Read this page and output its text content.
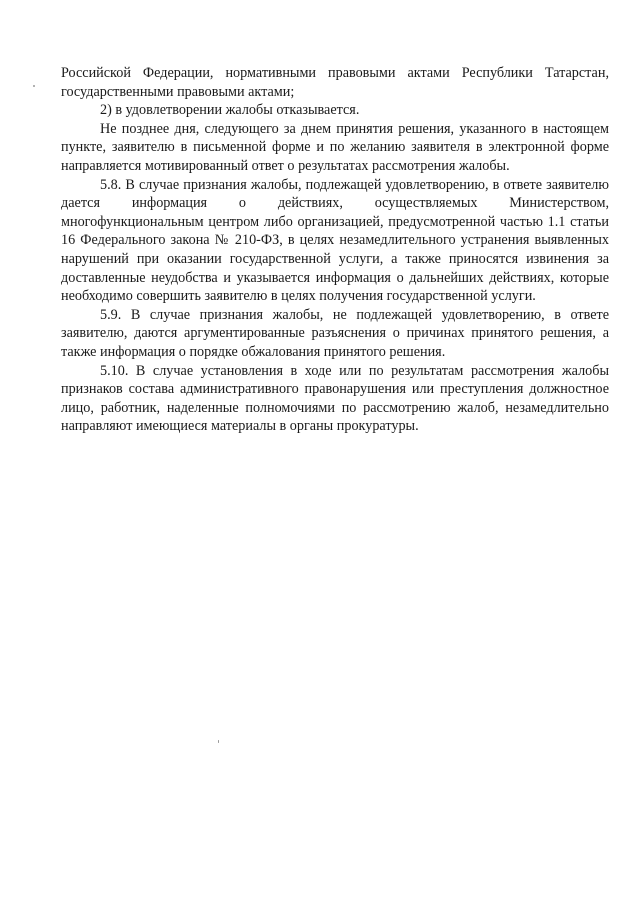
Российской Федерации, нормативными правовыми актами Республики Татарстан, государственными правовыми актами;

2) в удовлетворении жалобы отказывается.

Не позднее дня, следующего за днем принятия решения, указанного в настоящем пункте, заявителю в письменной форме и по желанию заявителя в электронной форме направляется мотивированный ответ о результатах рассмотрения жалобы.

5.8. В случае признания жалобы, подлежащей удовлетворению, в ответе заявителю дается информация о действиях, осуществляемых Министерством, многофункциональным центром либо организацией, предусмотренной частью 1.1 статьи 16 Федерального закона № 210-ФЗ, в целях незамедлительного устранения выявленных нарушений при оказании государственной услуги, а также приносятся извинения за доставленные неудобства и указывается информация о дальнейших действиях, которые необходимо совершить заявителю в целях получения государственной услуги.

5.9. В случае признания жалобы, не подлежащей удовлетворению, в ответе заявителю, даются аргументированные разъяснения о причинах принятого решения, а также информация о порядке обжалования принятого решения.

5.10. В случае установления в ходе или по результатам рассмотрения жалобы признаков состава административного правонарушения или преступления должностное лицо, работник, наделенные полномочиями по рассмотрению жалоб, незамедлительно направляют имеющиеся материалы в органы прокуратуры.
